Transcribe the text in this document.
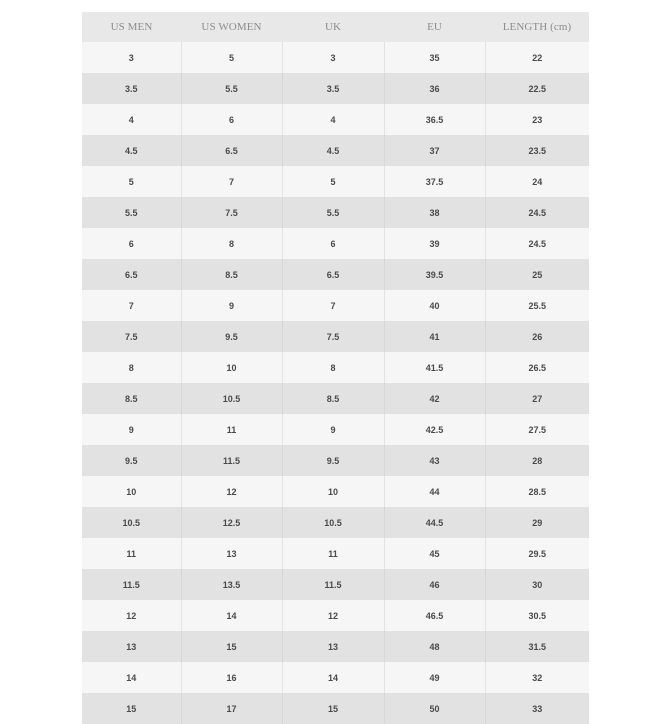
US MEN	US WOMEN	UK	EU	LENGTH (cm)
3	5	3	35	22
3.5	5.5	3.5	36	22.5
4	6	4	36.5	23
4.5	6.5	4.5	37	23.5
5	7	5	37.5	24
5.5	7.5	5.5	38	24.5
6	8	6	39	24.5
6.5	8.5	6.5	39.5	25
7	9	7	40	25.5
7.5	9.5	7.5	41	26
8	10	8	41.5	26.5
8.5	10.5	8.5	42	27
9	11	9	42.5	27.5
9.5	11.5	9.5	43	28
10	12	10	44	28.5
10.5	12.5	10.5	44.5	29
11	13	11	45	29.5
11.5	13.5	11.5	46	30
12	14	12	46.5	30.5
13	15	13	48	31.5
14	16	14	49	32
15	17	15	50	33
